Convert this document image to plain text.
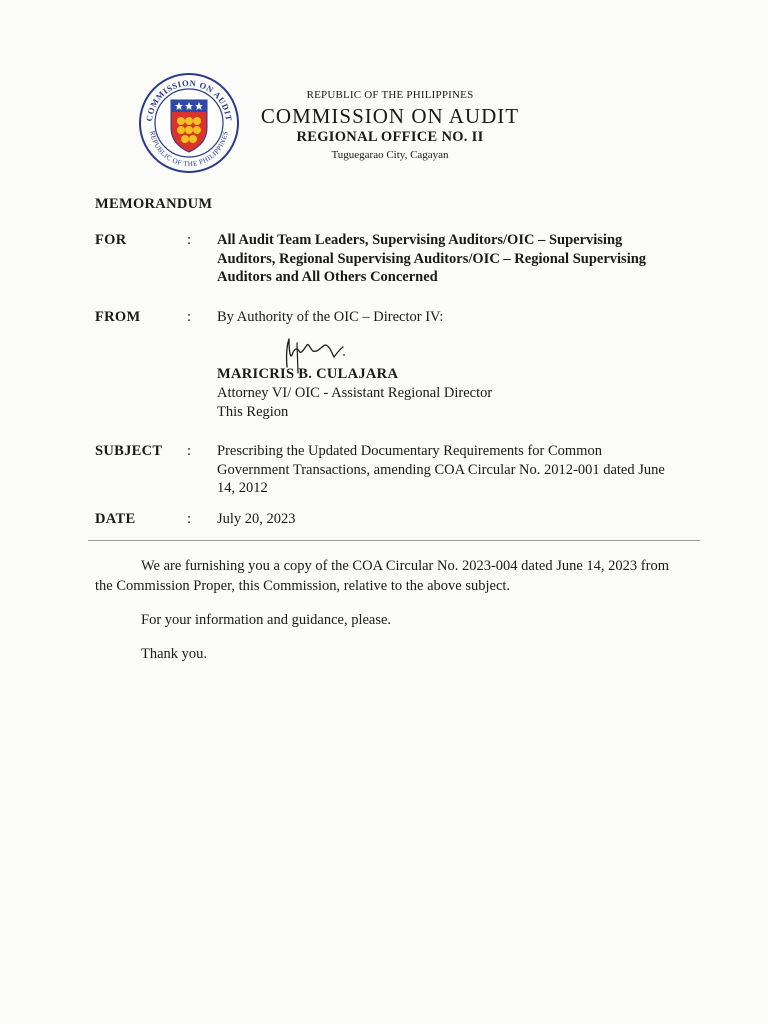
COMMISSION ON AUDIT
REPUBLIC OF THE PHILIPPINES
REPUBLIC OF THE PHILIPPINES
COMMISSION ON AUDIT
REGIONAL OFFICE NO. II
Tuguegarao City, Cagayan
MEMORANDUM
FOR	: All Audit Team Leaders, Supervising Auditors/OIC – Supervising Auditors, Regional Supervising Auditors/OIC – Regional Supervising Auditors and All Others Concerned
FROM	: By Authority of the OIC – Director IV:
MARICRIS B. CULAJARA
Attorney VI/ OIC - Assistant Regional Director
This Region
SUBJECT : Prescribing the Updated Documentary Requirements for Common Government Transactions, amending COA Circular No. 2012-001 dated June 14, 2012
DATE	: July 20, 2023
We are furnishing you a copy of the COA Circular No. 2023-004 dated June 14, 2023 from the Commission Proper, this Commission, relative to the above subject.
For your information and guidance, please.
Thank you.
